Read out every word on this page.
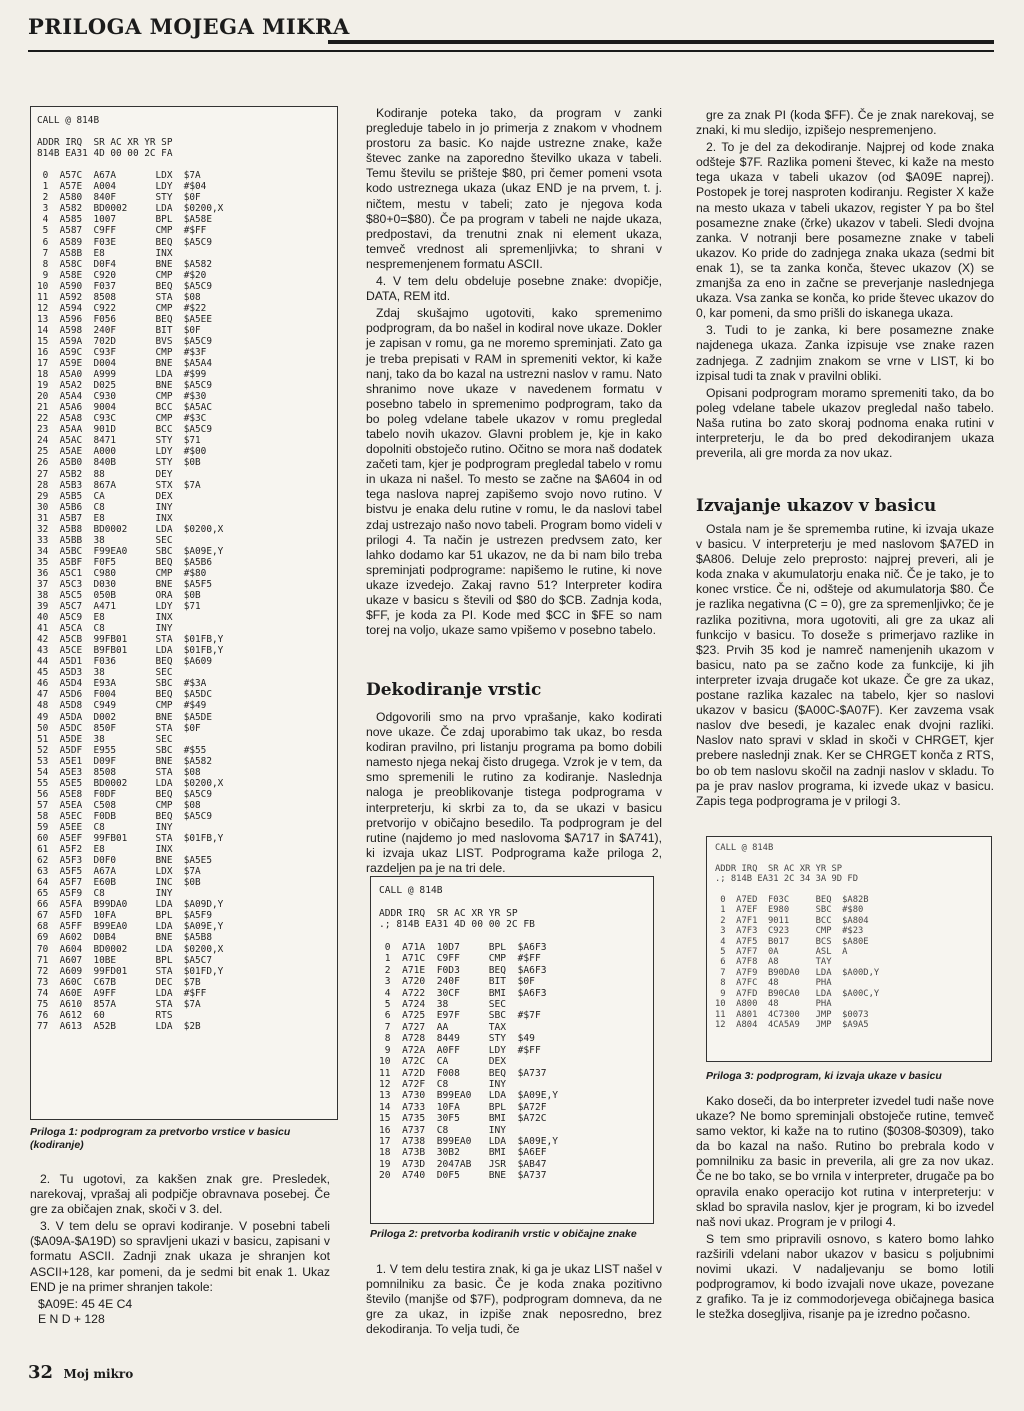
PRILOGA MOJEGA MIKRA
CALL @ 814B

ADDR IRQ  SR AC XR YR SP
814B EA31 4D 00 00 2C FA

0  A57C  A67A       LDX  $7A
1  A57E  A004       LDY  #$04
2  A580  840F       STY  $0F
3  A582  BD0002     LDA  $0200,X
4  A585  1007       BPL  $A58E
5  A587  C9FF       CMP  #$FF
6  A589  F03E       BEQ  $A5C9
7  A58B  E8         INX
8  A58C  D0F4       BNE  $A582
9  A58E  C920       CMP  #$20
10  A590  F037       BEQ  $A5C9
11  A592  8508       STA  $08
12  A594  C922       CMP  #$22
13  A596  F056       BEQ  $A5EE
14  A598  240F       BIT  $0F
15  A59A  702D       BVS  $A5C9
16  A59C  C93F       CMP  #$3F
17  A59E  D004       BNE  $A5A4
18  A5A0  A999       LDA  #$99
19  A5A2  D025       BNE  $A5C9
20  A5A4  C930       CMP  #$30
21  A5A6  9004       BCC  $A5AC
22  A5A8  C93C       CMP  #$3C
23  A5AA  901D       BCC  $A5C9
24  A5AC  8471       STY  $71
25  A5AE  A000       LDY  #$00
26  A5B0  840B       STY  $0B
27  A5B2  88         DEY
28  A5B3  867A       STX  $7A
29  A5B5  CA         DEX
30  A5B6  C8         INY
31  A5B7  E8         INX
32  A5B8  BD0002     LDA  $0200,X
33  A5BB  38         SEC
34  A5BC  F99EA0     SBC  $A09E,Y
35  A5BF  F0F5       BEQ  $A5B6
36  A5C1  C980       CMP  #$80
37  A5C3  D030       BNE  $A5F5
38  A5C5  050B       ORA  $0B
39  A5C7  A471       LDY  $71
40  A5C9  E8         INX
41  A5CA  C8         INY
42  A5CB  99FB01     STA  $01FB,Y
43  A5CE  B9FB01     LDA  $01FB,Y
44  A5D1  F036       BEQ  $A609
45  A5D3  38         SEC
46  A5D4  E93A       SBC  #$3A
47  A5D6  F004       BEQ  $A5DC
48  A5D8  C949       CMP  #$49
49  A5DA  D002       BNE  $A5DE
50  A5DC  850F       STA  $0F
51  A5DE  38         SEC
52  A5DF  E955       SBC  #$55
53  A5E1  D09F       BNE  $A582
54  A5E3  8508       STA  $08
55  A5E5  BD0002     LDA  $0200,X
56  A5E8  F0DF       BEQ  $A5C9
57  A5EA  C508       CMP  $08
58  A5EC  F0DB       BEQ  $A5C9
59  A5EE  C8         INY
60  A5EF  99FB01     STA  $01FB,Y
61  A5F2  E8         INX
62  A5F3  D0F0       BNE  $A5E5
63  A5F5  A67A       LDX  $7A
64  A5F7  E60B       INC  $0B
65  A5F9  C8         INY
66  A5FA  B99DA0     LDA  $A09D,Y
67  A5FD  10FA       BPL  $A5F9
68  A5FF  B99EA0     LDA  $A09E,Y
69  A602  D0B4       BNE  $A5B8
70  A604  BD0002     LDA  $0200,X
71  A607  10BE       BPL  $A5C7
72  A609  99FD01     STA  $01FD,Y
73  A60C  C67B       DEC  $7B
74  A60E  A9FF       LDA  #$FF
75  A610  857A       STA  $7A
76  A612  60         RTS
77  A613  A52B       LDA  $2B
Priloga 1: podprogram za pretvorbo vrstice v basicu (kodiranje)

2. Tu ugotovi, za kakšen znak gre. Presledek, narekovaj, vprašaj ali podpičje obravnava posebej. Če gre za običajen znak, skoči v 3. del.

3. V tem delu se opravi kodiranje. V posebni tabeli ($A09A-$A19D) so spravljeni ukazi v basicu, zapisani v formatu ASCII. Zadnji znak ukaza je shranjen kot ASCII+128, kar pomeni, da je sedmi bit enak 1. Ukaz END je na primer shranjen takole:

$A09E: 45 4E C4
E N D + 128

Kodiranje poteka tako, da program v zanki pregleduje tabelo in jo primerja z znakom v vhodnem prostoru za basic. Ko najde ustrezne znake, kaže števec zanke na zaporedno številko ukaza v tabeli. Temu številu se prišteje $80, pri čemer pomeni vsota kodo ustreznega ukaza (ukaz END je na prvem, t. j. ničtem, mestu v tabeli; zato je njegova koda $80+0=$80). Če pa program v tabeli ne najde ukaza, predpostavi, da trenutni znak ni element ukaza, temveč vrednost ali spremenljivka; to shrani v nespremenjenem formatu ASCII.

4. V tem delu obdeluje posebne znake: dvopičje, DATA, REM itd.

Zdaj skušajmo ugotoviti, kako spremenimo podprogram, da bo našel in kodiral nove ukaze. Dokler je zapisan v romu, ga ne moremo spreminjati. Zato ga je treba prepisati v RAM in spremeniti vektor, ki kaže nanj, tako da bo kazal na ustrezni naslov v ramu. Nato shranimo nove ukaze v navedenem formatu v posebno tabelo in spremenimo podprogram, tako da bo poleg vdelane tabele ukazov v romu pregledal tabelo novih ukazov. Glavni problem je, kje in kako dopolniti obstoječo rutino. Očitno se mora naš dodatek začeti tam, kjer je podprogram pregledal tabelo v romu in ukaza ni našel. To mesto se začne na $A604 in od tega naslova naprej zapišemo svojo novo rutino. V bistvu je enaka delu rutine v romu, le da naslovi tabel zdaj ustrezajo našo novo tabeli. Program bomo videli v prilogi 4. Ta način je ustrezen predvsem zato, ker lahko dodamo kar 51 ukazov, ne da bi nam bilo treba spreminjati podprograme: napišemo le rutine, ki nove ukaze izvedejo. Zakaj ravno 51? Interpreter kodira ukaze v basicu s števili od $80 do $CB. Zadnja koda, $FF, je koda za PI. Kode med $CC in $FE so nam torej na voljo, ukaze samo vpišemo v posebno tabelo.

Dekodiranje vrstic

Odgovorili smo na prvo vprašanje, kako kodirati nove ukaze. Če zdaj uporabimo tak ukaz, bo resda kodiran pravilno, pri listanju programa pa bomo dobili namesto njega nekaj čisto drugega. Vzrok je v tem, da smo spremenili le rutino za kodiranje. Naslednja naloga je preoblikovanje tistega podprograma v interpreterju, ki skrbi za to, da se ukazi v basicu pretvorijo v običajno besedilo. Ta podprogram je del rutine (najdemo jo med naslovoma $A717 in $A741), ki izvaja ukaz LIST. Podprograma kaže priloga 2, razdeljen pa je na tri dele.

CALL @ 814B

ADDR IRQ  SR AC XR YR SP
.; 814B EA31 4D 00 00 2C FB

0  A71A  10D7     BPL  $A6F3
1  A71C  C9FF     CMP  #$FF
2  A71E  F0D3     BEQ  $A6F3
3  A720  240F     BIT  $0F
4  A722  30CF     BMI  $A6F3
5  A724  38       SEC
6  A725  E97F     SBC  #$7F
7  A727  AA       TAX
8  A728  8449     STY  $49
9  A72A  A0FF     LDY  #$FF
10  A72C  CA       DEX
11  A72D  F008     BEQ  $A737
12  A72F  C8       INY
13  A730  B99EA0   LDA  $A09E,Y
14  A733  10FA     BPL  $A72F
15  A735  30F5     BMI  $A72C
16  A737  C8       INY
17  A738  B99EA0   LDA  $A09E,Y
18  A73B  30B2     BMI  $A6EF
19  A73D  2047AB   JSR  $AB47
20  A740  D0F5     BNE  $A737
Priloga 2: pretvorba kodiranih vrstic v običajne znake

1. V tem delu testira znak, ki ga je ukaz LIST našel v pomnilniku za basic. Če je koda znaka pozitivno število (manjše od $7F), podprogram domneva, da ne gre za ukaz, in izpiše znak neposredno, brez dekodiranja. To velja tudi, če

gre za znak PI (koda $FF). Če je znak narekovaj, se znaki, ki mu sledijo, izpišejo nespremenjeno.

2. To je del za dekodiranje. Najprej od kode znaka odšteje $7F. Razlika pomeni števec, ki kaže na mesto tega ukaza v tabeli ukazov (od $A09E naprej). Postopek je torej nasproten kodiranju. Register X kaže na mesto ukaza v tabeli ukazov, register Y pa bo štel posamezne znake (črke) ukazov v tabeli. Sledi dvojna zanka. V notranji bere posamezne znake v tabeli ukazov. Ko pride do zadnjega znaka ukaza (sedmi bit enak 1), se ta zanka konča, števec ukazov (X) se zmanjša za eno in začne se preverjanje naslednjega ukaza. Vsa zanka se konča, ko pride števec ukazov do 0, kar pomeni, da smo prišli do iskanega ukaza.

3. Tudi to je zanka, ki bere posamezne znake najdenega ukaza. Zanka izpisuje vse znake razen zadnjega. Z zadnjim znakom se vrne v LIST, ki bo izpisal tudi ta znak v pravilni obliki.

Opisani podprogram moramo spremeniti tako, da bo poleg vdelane tabele ukazov pregledal našo tabelo. Naša rutina bo zato skoraj podnoma enaka rutini v interpreterju, le da bo pred dekodiranjem ukaza preverila, ali gre morda za nov ukaz.

Izvajanje ukazov v basicu

Ostala nam je še sprememba rutine, ki izvaja ukaze v basicu. V interpreterju je med naslovom $A7ED in $A806. Deluje zelo preprosto: najprej preveri, ali je koda znaka v akumulatorju enaka nič. Če je tako, je to konec vrstice. Če ni, odšteje od akumulatorja $80. Če je razlika negativna (C = 0), gre za spremenljivko; če je razlika pozitivna, mora ugotoviti, ali gre za ukaz ali funkcijo v basicu. To doseže s primerjavo razlike in $23. Prvih 35 kod je namreč namenjenih ukazom v basicu, nato pa se začno kode za funkcije, ki jih interpreter izvaja drugače kot ukaze. Če gre za ukaz, postane razlika kazalec na tabelo, kjer so naslovi ukazov v basicu ($A00C-$A07F). Ker zavzema vsak naslov dve besedi, je kazalec enak dvojni razliki. Naslov nato spravi v sklad in skoči v CHRGET, kjer prebere naslednji znak. Ker se CHRGET konča z RTS, bo ob tem naslovu skočil na zadnji naslov v skladu. To pa je prav naslov programa, ki izvede ukaz v basicu. Zapis tega podprograma je v prilogi 3.

CALL @ 814B

ADDR IRQ  SR AC XR YR SP
.; 814B EA31 2C 34 3A 9D FD

0  A7ED  F03C     BEQ  $A82B
1  A7EF  E980     SBC  #$80
2  A7F1  9011     BCC  $A804
3  A7F3  C923     CMP  #$23
4  A7F5  B017     BCS  $A80E
5  A7F7  0A       ASL  A
6  A7F8  A8       TAY
7  A7F9  B90DA0   LDA  $A00D,Y
8  A7FC  48       PHA
9  A7FD  B90CA0   LDA  $A00C,Y
10  A800  48       PHA
11  A801  4C7300   JMP  $0073
12  A804  4CA5A9   JMP  $A9A5
Priloga 3: podprogram, ki izvaja ukaze v basicu

Kako doseči, da bo interpreter izvedel tudi naše nove ukaze? Ne bomo spreminjali obstoječe rutine, temveč samo vektor, ki kaže na to rutino ($0308-$0309), tako da bo kazal na našo. Rutino bo prebrala kodo v pomnilniku za basic in preverila, ali gre za nov ukaz. Če ne bo tako, se bo vrnila v interpreter, drugače pa bo opravila enako operacijo kot rutina v interpreterju: v sklad bo spravila naslov, kjer je program, ki bo izvedel naš novi ukaz. Program je v prilogi 4.

S tem smo pripravili osnovo, s katero bomo lahko razširili vdelani nabor ukazov v basicu s poljubnimi novimi ukazi. V nadaljevanju se bomo lotili podprogramov, ki bodo izvajali nove ukaze, povezane z grafiko. Ta je iz commodorjevega običajnega basica le stežka dosegljiva, risanje pa je izredno počasno.

32 Moj mikro
